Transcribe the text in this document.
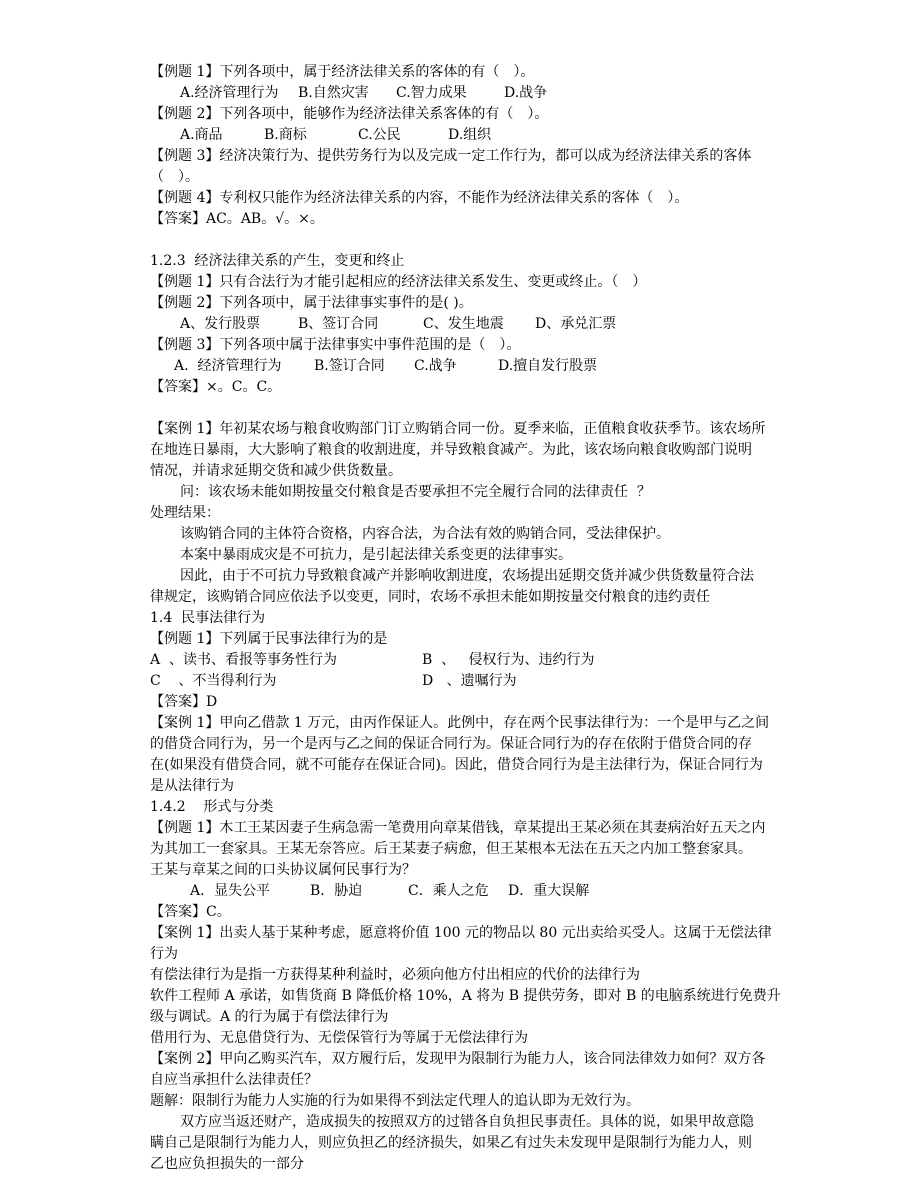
【例题 1】下列各项中，属于经济法律关系的客体的有（　）。
A.经济管理行为 B.自然灾害 C.智力成果	D.战争
【例题 2】下列各项中，能够作为经济法律关系客体的有（　）。
A.商品	B.商标	C.公民	D.组织
【例题 3】经济决策行为、提供劳务行为以及完成一定工作行为，都可以成为经济法律关系的客体
（　）。
【例题 4】专利权只能作为经济法律关系的内容，不能作为经济法律关系的客体（　）。
【答案】AC。AB。√。×。
1.2.3  经济法律关系的产生，变更和终止
【例题 1】只有合法行为才能引起相应的经济法律关系发生、变更或终止。（　）
【例题 2】下列各项中，属于法律事实事件的是( )。
A、发行股票	B、签订合同	C、发生地震 D、承兑汇票
【例题 3】下列各项中属于法律事实中事件范围的是（　）。
A.  经济管理行为 B.签订合同 C.战争	D.擅自发行股票
【答案】×。C。C。
【案例 1】年初某农场与粮食收购部门订立购销合同一份。夏季来临，正值粮食收获季节。该农场所
在地连日暴雨，大大影响了粮食的收割进度，并导致粮食减产。为此，该农场向粮食收购部门说明
情况，并请求延期交货和减少供货数量。
问：该农场未能如期按量交付粮食是否要承担不完全履行合同的法律责任  ？
处理结果：
该购销合同的主体符合资格，内容合法，为合法有效的购销合同，受法律保护。
本案中暴雨成灾是不可抗力，是引起法律关系变更的法律事实。
因此，由于不可抗力导致粮食减产并影响收割进度，农场提出延期交货并减少供货数量符合法
律规定，该购销合同应依法予以变更，同时，农场不承担未能如期按量交付粮食的违约责任
1.4  民事法律行为
【例题 1】下列属于民事法律行为的是
A  、读书、看报等事务性行为	B  、   侵权行为、违约行为
C    、不当得利行为	D   、遗嘱行为
【答案】D
【案例 1】甲向乙借款 1 万元，由丙作保证人。此例中，存在两个民事法律行为：一个是甲与乙之间
的借贷合同行为，另一个是丙与乙之间的保证合同行为。保证合同行为的存在依附于借贷合同的存
在(如果没有借贷合同，就不可能存在保证合同)。因此，借贷合同行为是主法律行为，保证合同行为
是从法律行为
1.4.2    形式与分类
【例题 1】木工王某因妻子生病急需一笔费用向章某借钱，章某提出王某必须在其妻病治好五天之内
为其加工一套家具。王某无奈答应。后王某妻子病愈，但王某根本无法在五天之内加工整套家具。
王某与章某之间的口头协议属何民事行为？
A．显失公平	B．胁迫	C．乘人之危 D．重大误解
【答案】C。
【案例 1】出卖人基于某种考虑，愿意将价值 100 元的物品以 80 元出卖给买受人。这属于无偿法律
行为
有偿法律行为是指一方获得某种利益时，必须向他方付出相应的代价的法律行为
软件工程师 A 承诺，如售货商 B 降低价格 10%，A 将为 B 提供劳务，即对 B 的电脑系统进行免费升
级与调试。A 的行为属于有偿法律行为
借用行为、无息借贷行为、无偿保管行为等属于无偿法律行为
【案例 2】甲向乙购买汽车，双方履行后，发现甲为限制行为能力人，该合同法律效力如何？双方各
自应当承担什么法律责任？
题解：限制行为能力人实施的行为如果得不到法定代理人的追认即为无效行为。
双方应当返还财产，造成损失的按照双方的过错各自负担民事责任。具体的说，如果甲故意隐
瞒自己是限制行为能力人，则应负担乙的经济损失，如果乙有过失未发现甲是限制行为能力人，则
乙也应负担损失的一部分
